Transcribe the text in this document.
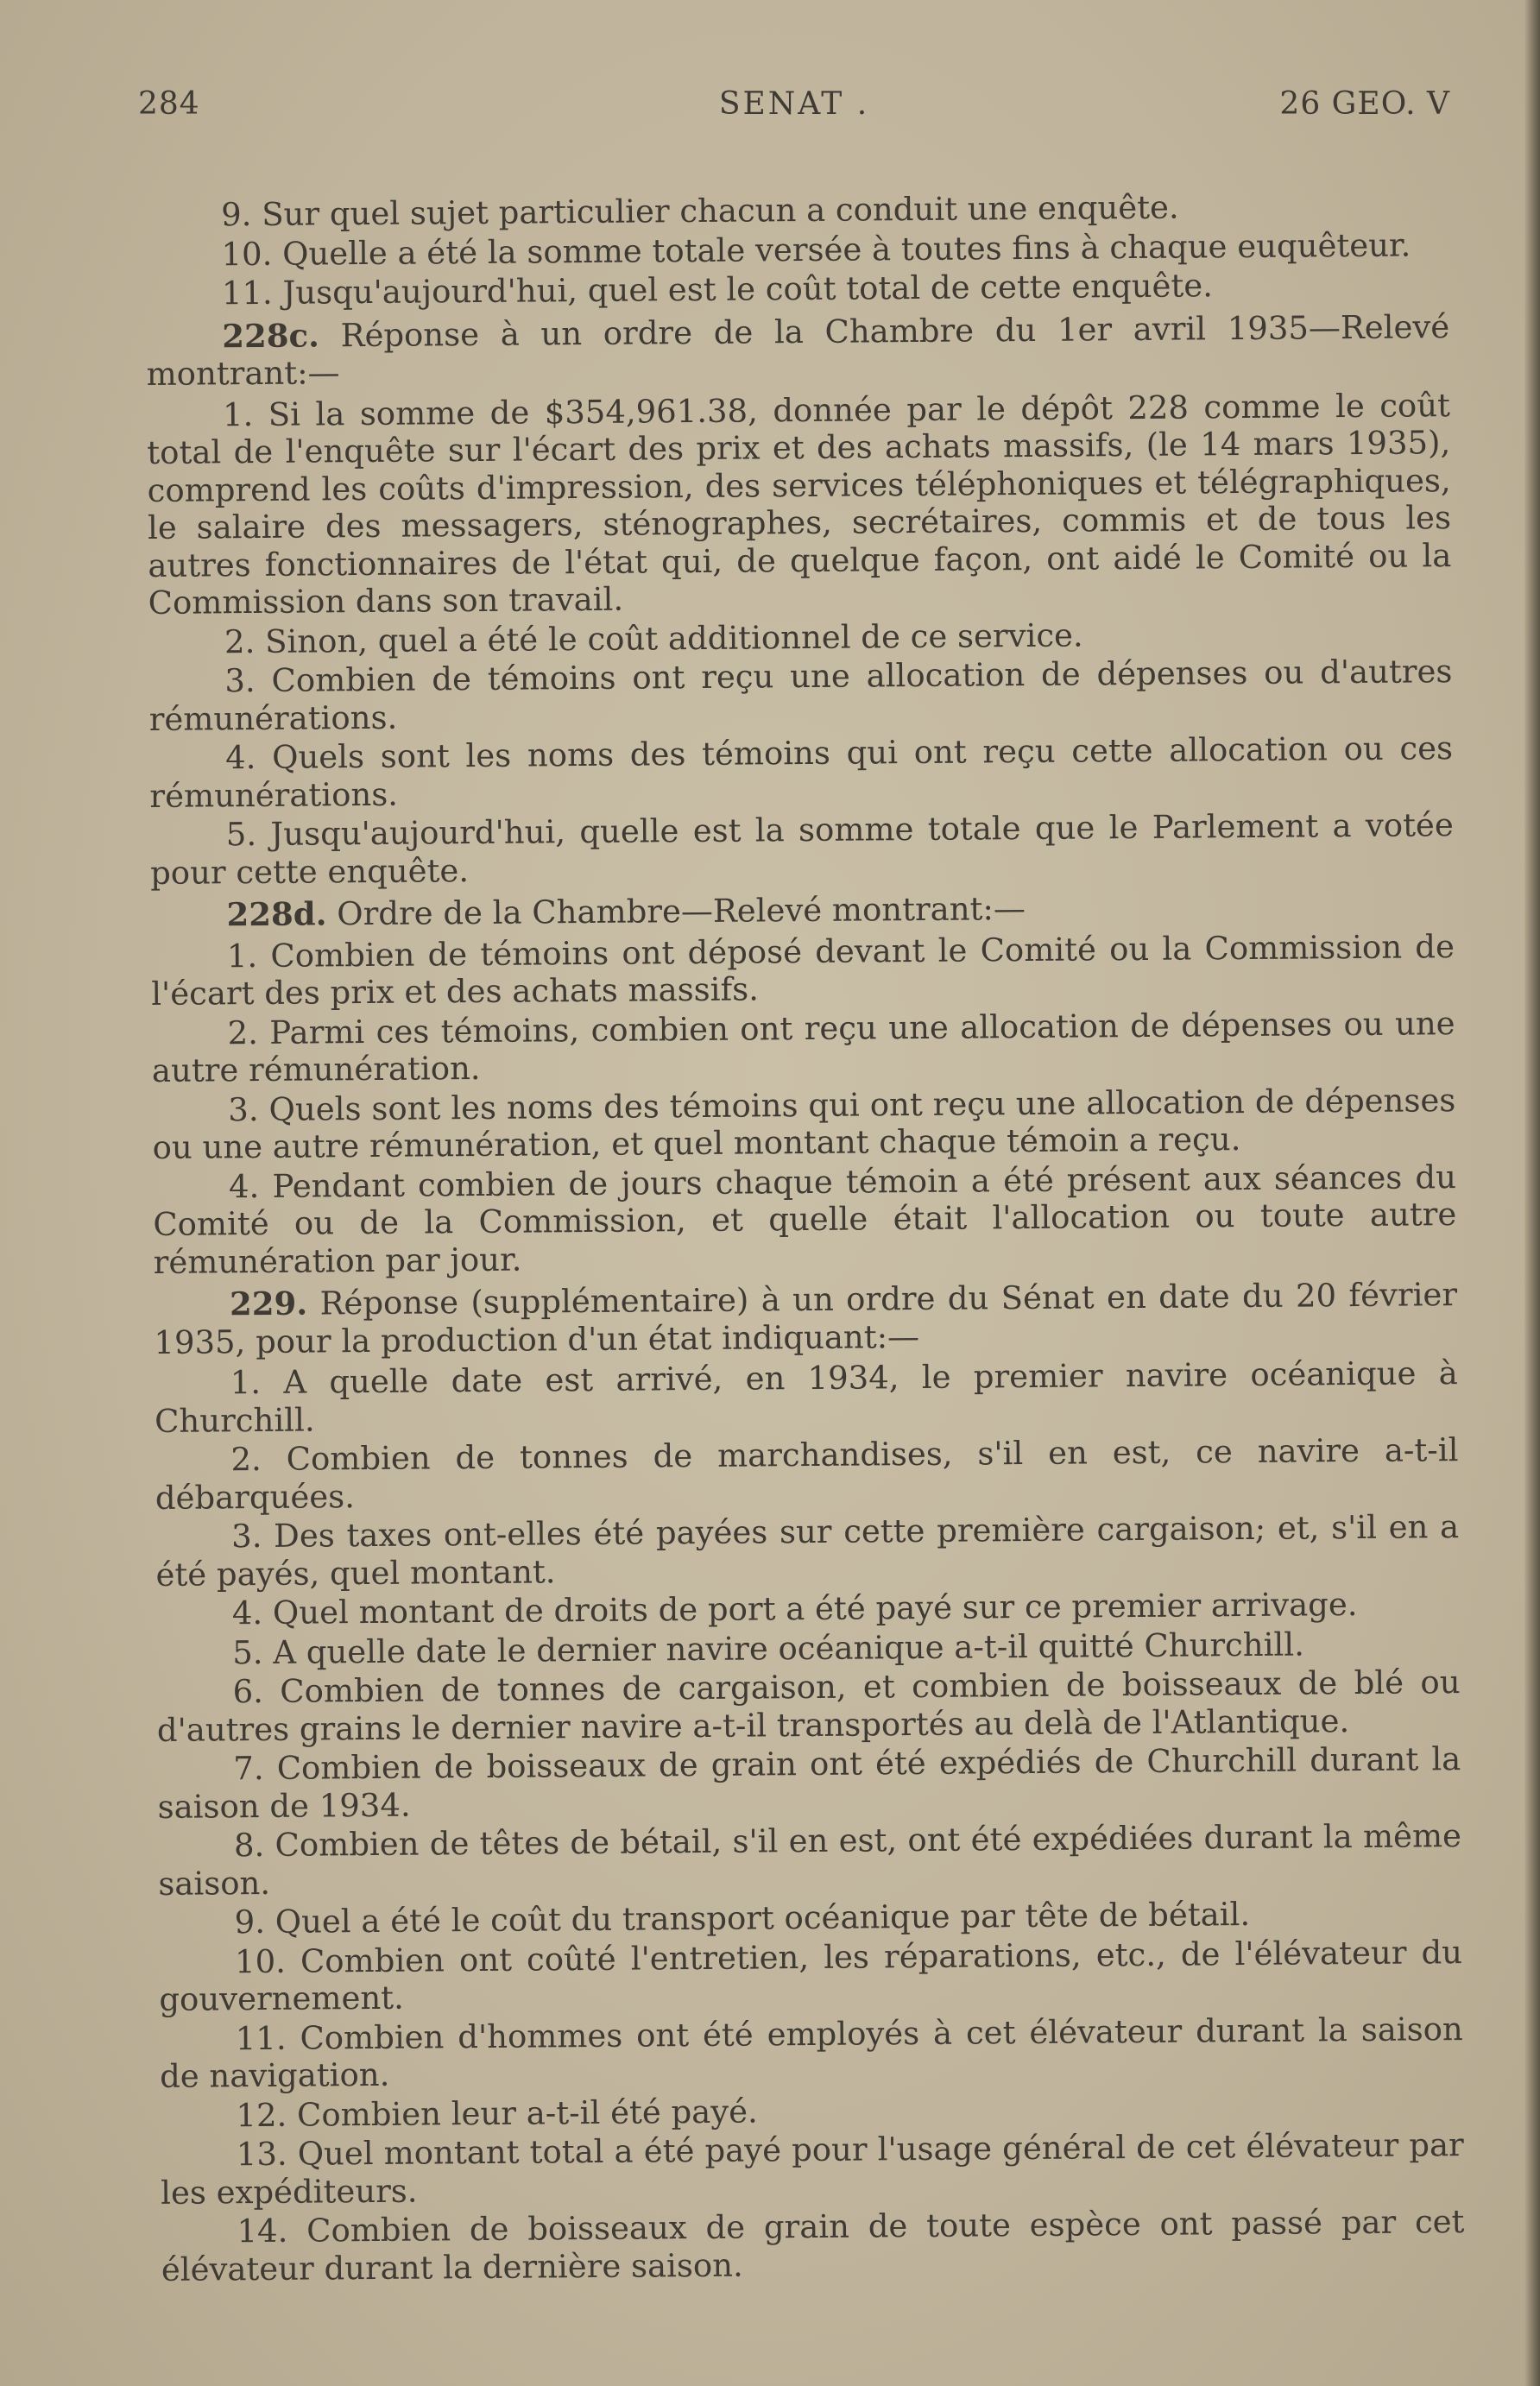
284	SENAT .	26 GEO. V

9. Sur quel sujet particulier chacun a conduit une enquête.

10. Quelle a été la somme totale versée à toutes fins à chaque euquêteur.

11. Jusqu'aujourd'hui, quel est le coût total de cette enquête.

228c. Réponse à un ordre de la Chambre du 1er avril 1935—Relevé montrant:—

1. Si la somme de $354,961.38, donnée par le dépôt 228 comme le coût total de l'enquête sur l'écart des prix et des achats massifs, (le 14 mars 1935), comprend les coûts d'impression, des services téléphoniques et télégraphiques, le salaire des messagers, sténographes, secrétaires, commis et de tous les autres fonctionnaires de l'état qui, de quelque façon, ont aidé le Comité ou la Commission dans son travail.

2. Sinon, quel a été le coût additionnel de ce service.

3. Combien de témoins ont reçu une allocation de dépenses ou d'autres rémunérations.

4. Quels sont les noms des témoins qui ont reçu cette allocation ou ces rémunérations.

5. Jusqu'aujourd'hui, quelle est la somme totale que le Parlement a votée pour cette enquête.

228d. Ordre de la Chambre—Relevé montrant:—

1. Combien de témoins ont déposé devant le Comité ou la Commission de l'écart des prix et des achats massifs.

2. Parmi ces témoins, combien ont reçu une allocation de dépenses ou une autre rémunération.

3. Quels sont les noms des témoins qui ont reçu une allocation de dépenses ou une autre rémunération, et quel montant chaque témoin a reçu.

4. Pendant combien de jours chaque témoin a été présent aux séances du Comité ou de la Commission, et quelle était l'allocation ou toute autre rémunération par jour.

229. Réponse (supplémentaire) à un ordre du Sénat en date du 20 février 1935, pour la production d'un état indiquant:—

1. A quelle date est arrivé, en 1934, le premier navire océanique à Churchill.

2. Combien de tonnes de marchandises, s'il en est, ce navire a-t-il débarquées.

3. Des taxes ont-elles été payées sur cette première cargaison; et, s'il en a été payés, quel montant.

4. Quel montant de droits de port a été payé sur ce premier arrivage.

5. A quelle date le dernier navire océanique a-t-il quitté Churchill.

6. Combien de tonnes de cargaison, et combien de boisseaux de blé ou d'autres grains le dernier navire a-t-il transportés au delà de l'Atlantique.

7. Combien de boisseaux de grain ont été expédiés de Churchill durant la saison de 1934.

8. Combien de têtes de bétail, s'il en est, ont été expédiées durant la même saison.

9. Quel a été le coût du transport océanique par tête de bétail.

10. Combien ont coûté l'entretien, les réparations, etc., de l'élévateur du gouvernement.

11. Combien d'hommes ont été employés à cet élévateur durant la saison de navigation.

12. Combien leur a-t-il été payé.

13. Quel montant total a été payé pour l'usage général de cet élévateur par les expéditeurs.

14. Combien de boisseaux de grain de toute espèce ont passé par cet élévateur durant la dernière saison.
